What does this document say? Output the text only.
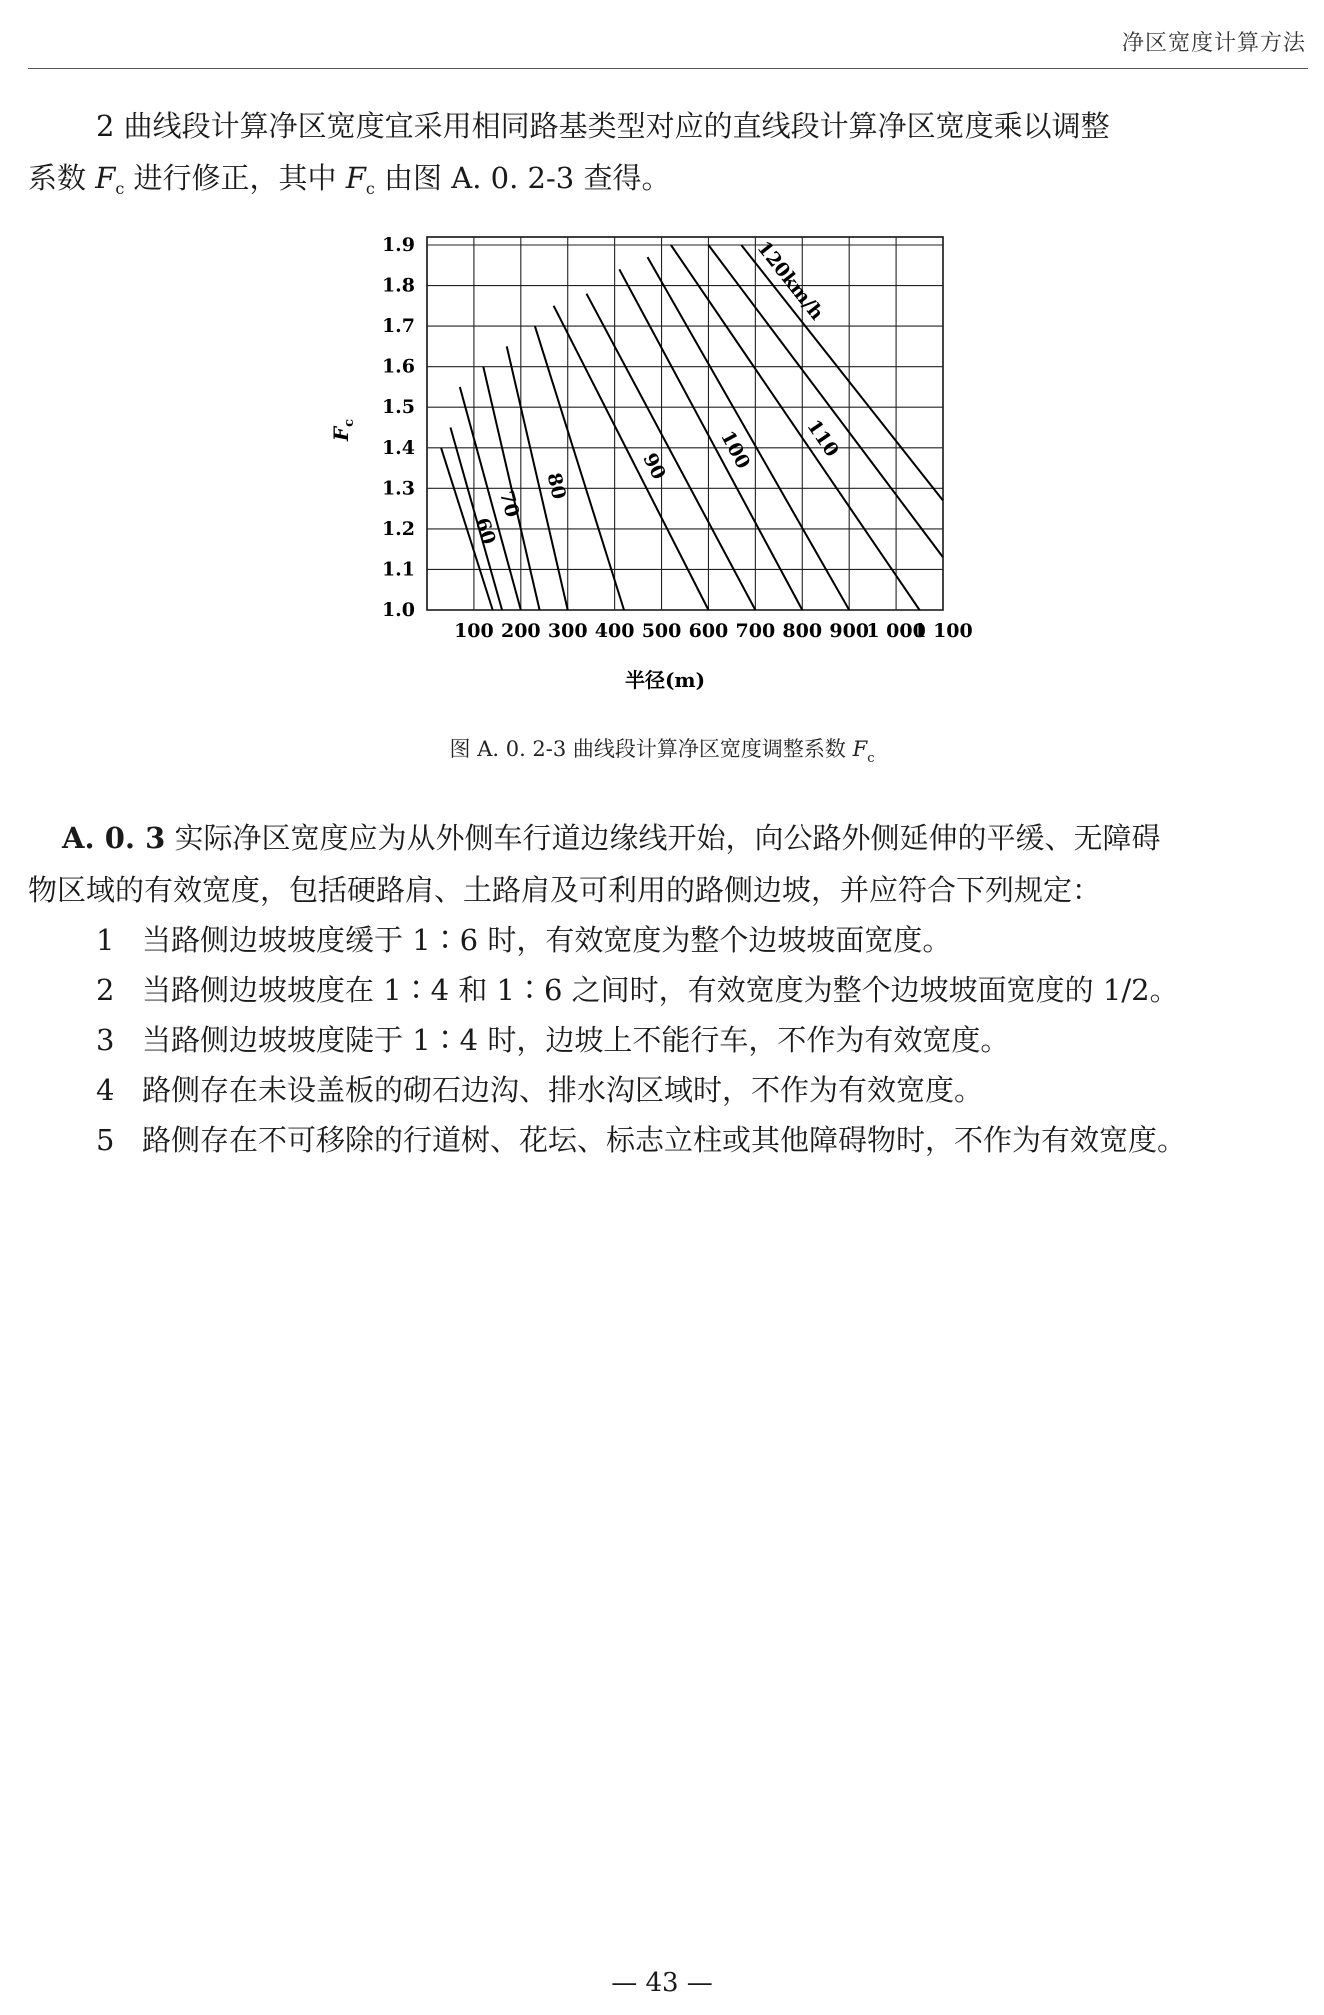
净区宽度计算方法
2 曲线段计算净区宽度宜采用相同路基类型对应的直线段计算净区宽度乘以调整
系数 $F_c$ 进行修正，其中 $F_c$ 由图 A. 0. 2-3 查得。
1.0
1.1
1.2
1.3
1.4
1.5
1.6
1.7
1.8
1.9
100 200 300 400 500 600 700 800 900
1 000
1 100
60
70
80
90 100	110
120km/h
$F_c$
半径(m)
图 A. 0. 2-3 曲线段计算净区宽度调整系数 $F_c$
A. 0. 3 实际净区宽度应为从外侧车行道边缘线开始，向公路外侧延伸的平缓、无障碍
物区域的有效宽度，包括硬路肩、土路肩及可利用的路侧边坡，并应符合下列规定：
1 当路侧边坡坡度缓于 1∶6 时，有效宽度为整个边坡坡面宽度。
2 当路侧边坡坡度在 1∶4 和 1∶6 之间时，有效宽度为整个边坡坡面宽度的 1/2。
3 当路侧边坡坡度陡于 1∶4 时，边坡上不能行车，不作为有效宽度。
4 路侧存在未设盖板的砌石边沟、排水沟区域时，不作为有效宽度。
5 路侧存在不可移除的行道树、花坛、标志立柱或其他障碍物时，不作为有效宽度。
— 43 —
